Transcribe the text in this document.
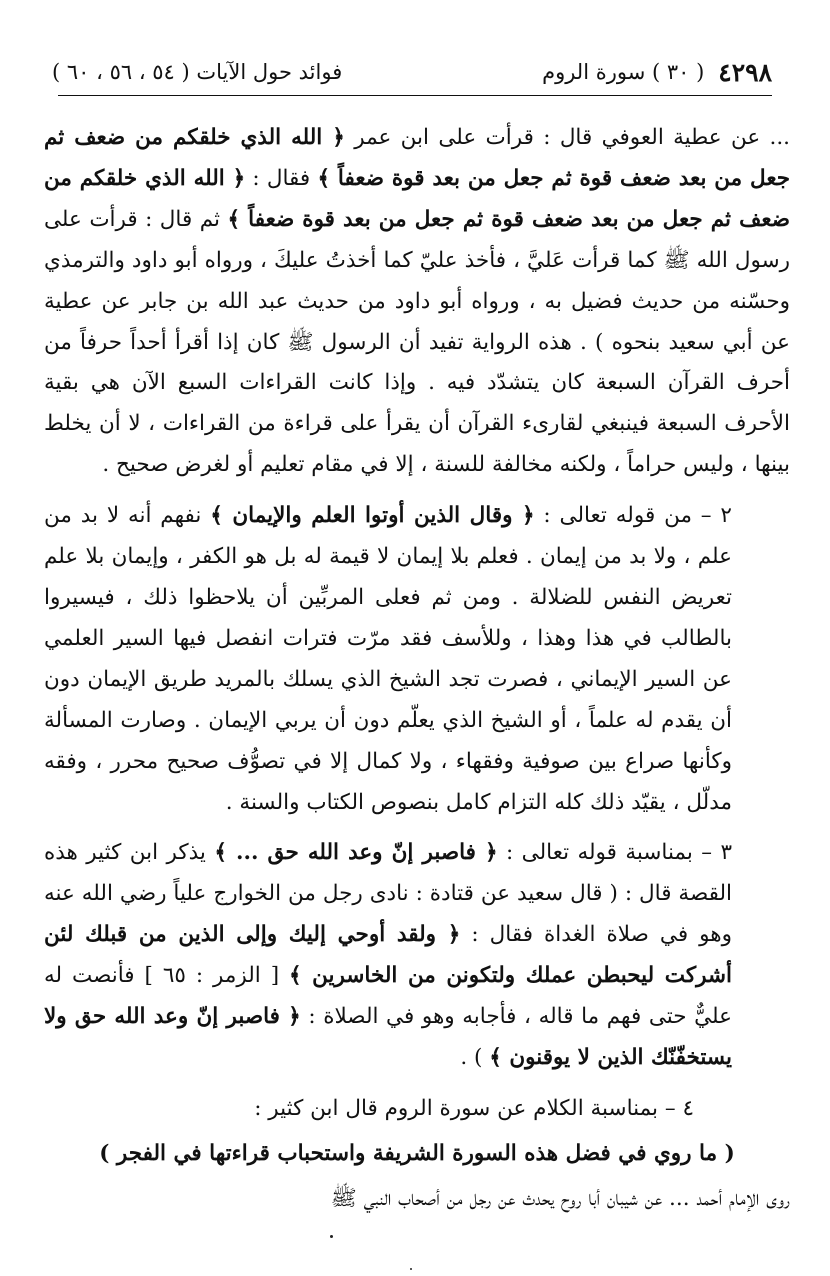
٤٢٩٨
( ٣٠ ) سورة الروم
فوائد حول الآيات ( ٥٤ ، ٥٦ ، ٦٠ )

... عن عطية العوفي قال : قرأت على ابن عمر ﴿ الله الذي خلقكم من ضعف ثم جعل من بعد ضعف قوة ثم جعل من بعد قوة ضعفاً ﴾ فقال : ﴿ الله الذي خلقكم من ضعف ثم جعل من بعد ضعف قوة ثم جعل من بعد قوة ضعفاً ﴾ ثم قال : قرأت على رسول الله ﷺ كما قرأت عَليَّ ، فأخذ عليّ كما أخذتُ عليكَ ، ورواه أبو داود والترمذي وحسّنه من حديث فضيل به ، ورواه أبو داود من حديث عبد الله بن جابر عن عطية عن أبي سعيد بنحوه ) . هذه الرواية تفيد أن الرسول ﷺ كان إذا أقرأ أحداً حرفاً من أحرف القرآن السبعة كان يتشدّد فيه . وإذا كانت القراءات السبع الآن هي بقية الأحرف السبعة فينبغي لقارىء القرآن أن يقرأ على قراءة من القراءات ، لا أن يخلط بينها ، وليس حراماً ، ولكنه مخالفة للسنة ، إلا في مقام تعليم أو لغرض صحيح .

٢ – من قوله تعالى : ﴿ وقال الذين أوتوا العلم والإيمان ﴾ نفهم أنه لا بد من علم ، ولا بد من إيمان . فعلم بلا إيمان لا قيمة له بل هو الكفر ، وإيمان بلا علم تعريض النفس للضلالة . ومن ثم فعلى المربِّين أن يلاحظوا ذلك ، فيسيروا بالطالب في هذا وهذا ، وللأسف فقد مرّت فترات انفصل فيها السير العلمي عن السير الإيماني ، فصرت تجد الشيخ الذي يسلك بالمريد طريق الإيمان دون أن يقدم له علماً ، أو الشيخ الذي يعلّم دون أن يربي الإيمان . وصارت المسألة وكأنها صراع بين صوفية وفقهاء ، ولا كمال إلا في تصوُّف صحيح محرر ، وفقه مدلّل ، يقيّد ذلك كله التزام كامل بنصوص الكتاب والسنة .

٣ – بمناسبة قوله تعالى : ﴿ فاصبر إنّ وعد الله حق ... ﴾ يذكر ابن كثير هذه القصة قال : ( قال سعيد عن قتادة : نادى رجل من الخوارج علياً رضي الله عنه وهو في صلاة الغداة فقال : ﴿ ولقد أوحي إليك وإلى الذين من قبلك لئن أشركت ليحبطن عملك ولتكونن من الخاسرين ﴾ [ الزمر : ٦٥ ] فأنصت له عليٌّ حتى فهم ما قاله ، فأجابه وهو في الصلاة : ﴿ فاصبر إنّ وعد الله حق ولا يستخفّنّك الذين لا يوقنون ﴾ ) .

٤ – بمناسبة الكلام عن سورة الروم قال ابن كثير :

( ما روي في فضل هذه السورة الشريفة واستحباب قراءتها في الفجر )

روى الإمام أحمد ... عن شيبان أبا روح يحدث عن رجل من أصحاب النبي ﷺ
